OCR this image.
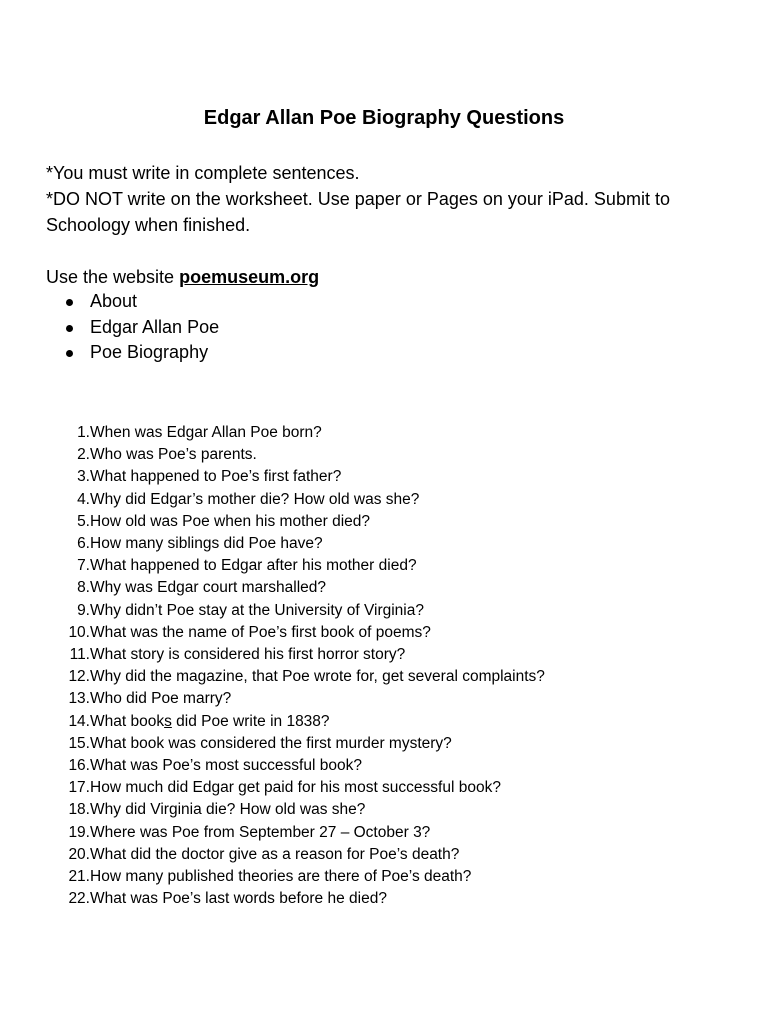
Edgar Allan Poe Biography Questions

*You must write in complete sentences.

*DO NOT write on the worksheet. Use paper or Pages on your iPad. Submit to Schoology when finished.

Use the website poemuseum.org
About
Edgar Allan Poe
Poe Biography
1. When was Edgar Allan Poe born?
2. Who was Poe’s parents.
3. What happened to Poe’s first father?
4. Why did Edgar’s mother die? How old was she?
5. How old was Poe when his mother died?
6. How many siblings did Poe have?
7. What happened to Edgar after his mother died?
8. Why was Edgar court marshalled?
9. Why didn’t Poe stay at the University of Virginia?
10. What was the name of Poe’s first book of poems?
11. What story is considered his first horror story?
12. Why did the magazine, that Poe wrote for, get several complaints?
13. Who did Poe marry?
14. What books did Poe write in 1838?
15. What book was considered the first murder mystery?
16. What was Poe’s most successful book?
17. How much did Edgar get paid for his most successful book?
18. Why did Virginia die? How old was she?
19. Where was Poe from September 27 – October 3?
20. What did the doctor give as a reason for Poe’s death?
21. How many published theories are there of Poe’s death?
22. What was Poe’s last words before he died?
